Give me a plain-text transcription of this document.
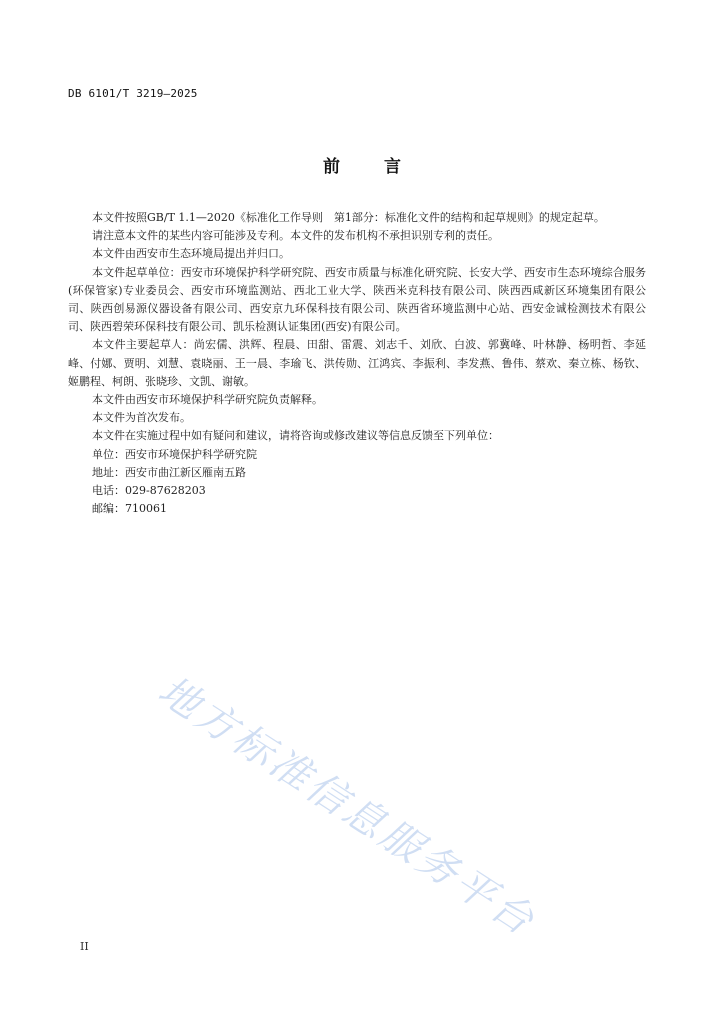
DB 6101/T 3219—2025
前	言

本文件按照GB/T 1.1—2020《标准化工作导则　第1部分：标准化文件的结构和起草规则》的规定起草。

请注意本文件的某些内容可能涉及专利。本文件的发布机构不承担识别专利的责任。

本文件由西安市生态环境局提出并归口。

本文件起草单位：西安市环境保护科学研究院、西安市质量与标准化研究院、长安大学、西安市生态环境综合服务(环保管家)专业委员会、西安市环境监测站、西北工业大学、陕西米克科技有限公司、陕西西咸新区环境集团有限公司、陕西创易源仪器设备有限公司、西安京九环保科技有限公司、陕西省环境监测中心站、西安金诚检测技术有限公司、陕西碧荣环保科技有限公司、凯乐检测认证集团(西安)有限公司。

本文件主要起草人：尚宏儒、洪辉、程晨、田甜、雷震、刘志千、刘欣、白波、郭冀峰、叶林静、杨明哲、李延峰、付娜、贾明、刘慧、袁晓丽、王一晨、李瑜飞、洪传勋、江鸿宾、李振利、李发燕、鲁伟、蔡欢、秦立栋、杨钦、姬鹏程、柯朗、张晓珍、文凯、谢敏。

本文件由西安市环境保护科学研究院负责解释。

本文件为首次发布。

本文件在实施过程中如有疑问和建议，请将咨询或修改建议等信息反馈至下列单位：

单位：西安市环境保护科学研究院

地址：西安市曲江新区雁南五路

电话：029-87628203

邮编：710061

地方标准信息服务平台
II
